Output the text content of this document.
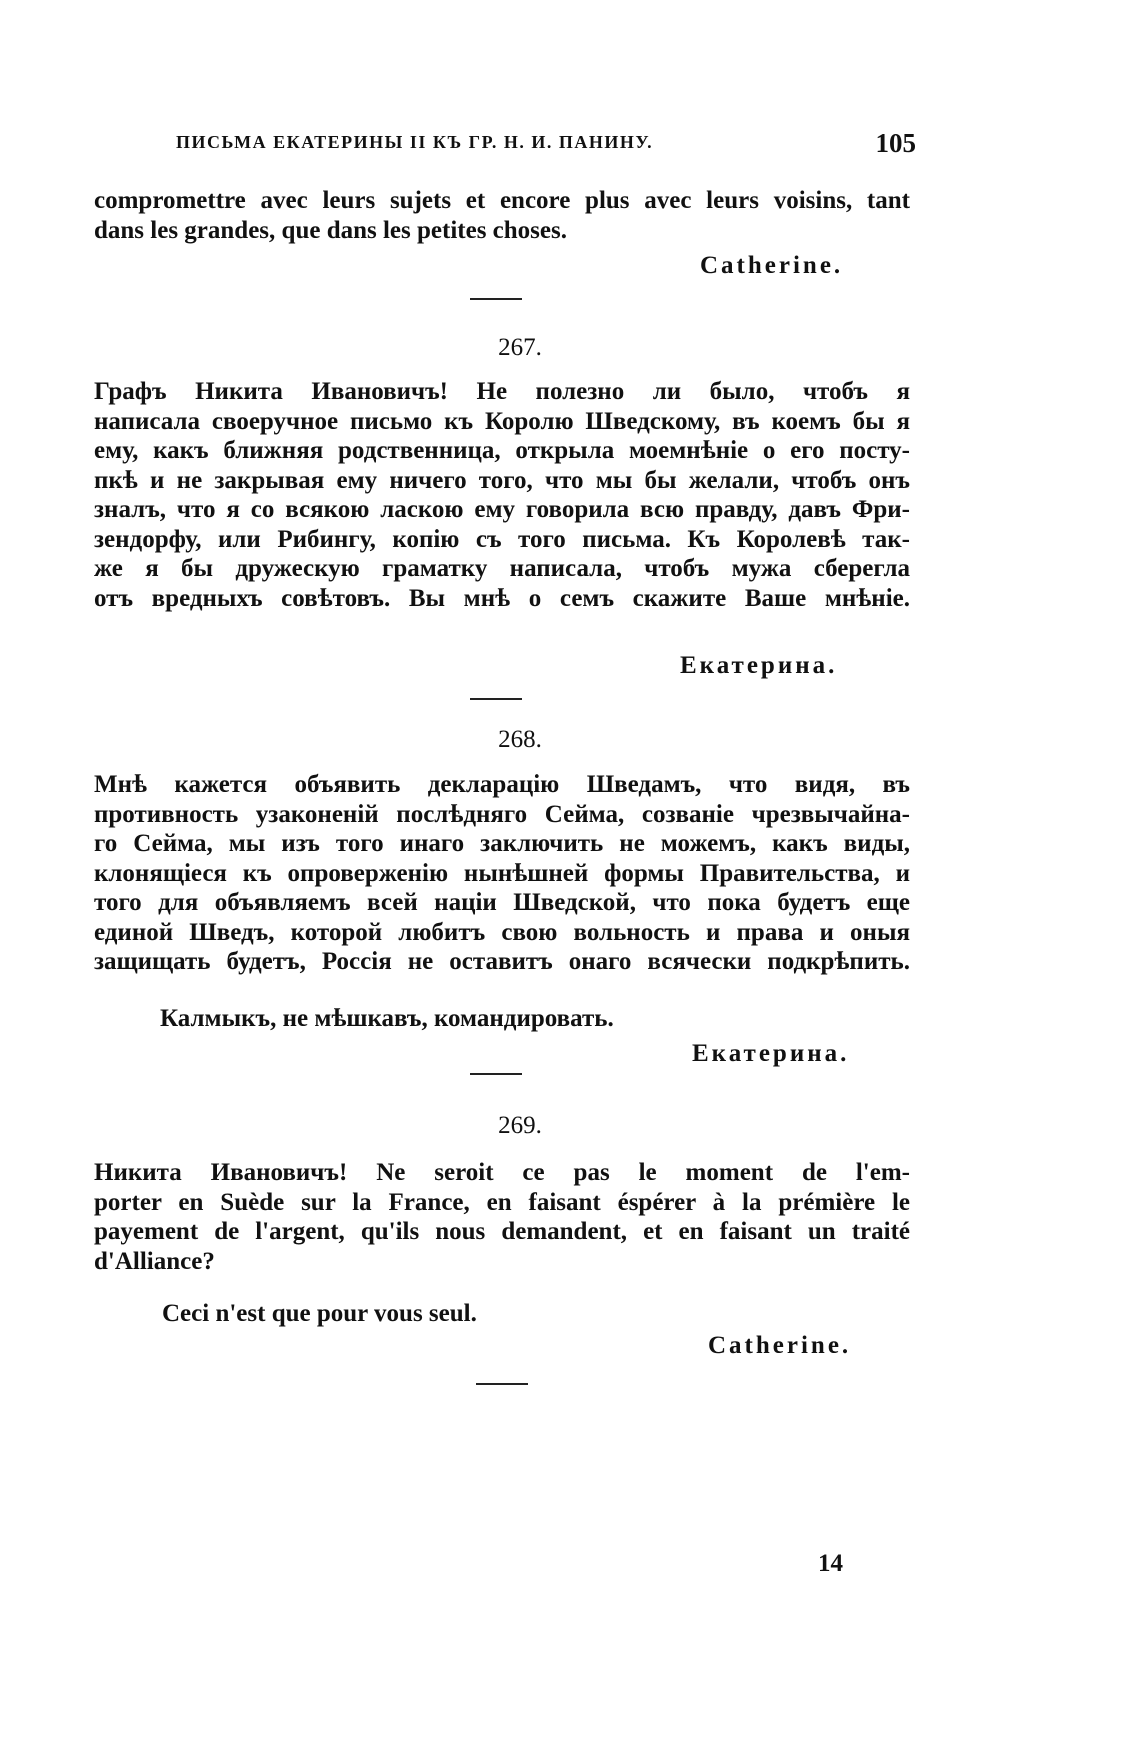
ПИСЬМА ЕКАТЕРИНЫ II КЪ ГР. Н. И. ПАНИНУ.	105
compromettre avec leurs sujets et encore plus avec leurs voisins, tant
dans les grandes, que dans les petites choses.
Catherine.
267.
Графъ Никита Ивановичъ! Не полезно ли было, чтобъ я
написала своеручное письмо къ Королю Шведскому, въ коемъ бы я
ему, какъ ближняя родственница, открыла моемнѣніе о его посту-
пкѣ и не закрывая ему ничего того, что мы бы желали, чтобъ онъ
зналъ, что я со всякою ласкою ему говорила всю правду, давъ Фри-
зендорфу, или Рибингу, копію съ того письма. Къ Королевѣ так-
же я бы дружескую граматку написала, чтобъ мужа сберегла
отъ вредныхъ совѣтовъ. Вы мнѣ о семъ скажите Ваше мнѣніе.
Екатерина.
268.
Мнѣ кажется объявить декларацію Шведамъ, что видя, въ
противность узаконеній послѣдняго Сейма, созваніе чрезвычайна-
го Сейма, мы изъ того инаго заключить не можемъ, какъ виды,
клонящіеся къ опроверженію нынѣшней формы Правительства, и
того для объявляемъ всей націи Шведской, что пока будетъ еще
единой Шведъ, которой любитъ свою вольность и права и оныя
защищать будетъ, Россія не оставитъ онаго всячески подкрѣпить.
Калмыкъ, не мѣшкавъ, командировать.
Екатерина.
269.
Никита Ивановичъ! Ne seroit ce pas le moment de l'em-
porter en Suède sur la France, en faisant éspérer à la prémière le
payement de l'argent, qu'ils nous demandent, et en faisant un traité
d'Alliance?
Ceci n'est que pour vous seul.
Catherine.
14
